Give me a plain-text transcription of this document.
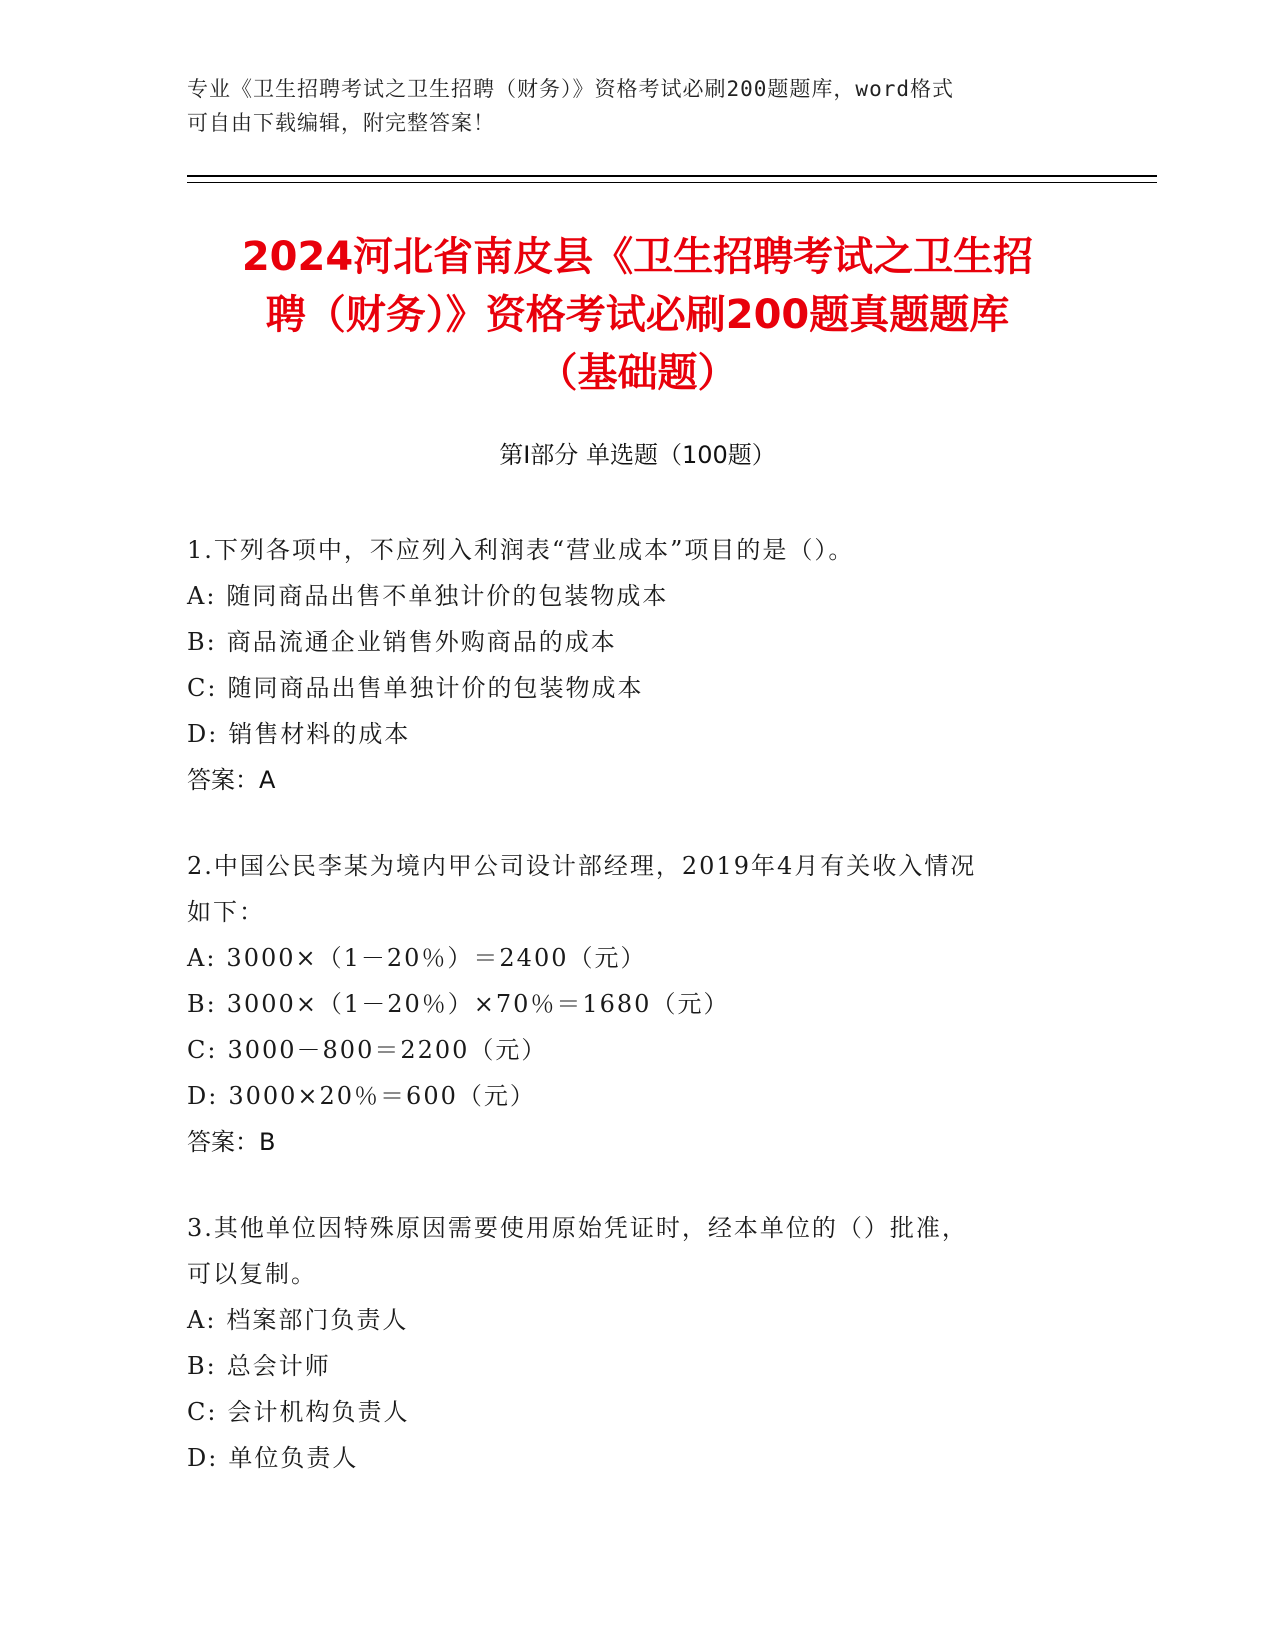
专业《卫生招聘考试之卫生招聘（财务）》资格考试必刷200题题库，word格式
可自由下载编辑，附完整答案！
2024河北省南皮县《卫生招聘考试之卫生招
聘（财务）》资格考试必刷200题真题题库
（基础题）
第Ⅰ部分 单选题（100题）
1.下列各项中，不应列入利润表“营业成本”项目的是（）。
A: 随同商品出售不单独计价的包装物成本
B: 商品流通企业销售外购商品的成本
C: 随同商品出售单独计价的包装物成本
D: 销售材料的成本
答案：A
2.中国公民李某为境内甲公司设计部经理，2019年4月有关收入情况
如下：
A: 3000×（1－20％）＝2400（元）
B: 3000×（1－20％）×70％＝1680（元）
C: 3000－800＝2200（元）
D: 3000×20％＝600（元）
答案：B
3.其他单位因特殊原因需要使用原始凭证时，经本单位的（）批准，
可以复制。
A: 档案部门负责人
B: 总会计师
C: 会计机构负责人
D: 单位负责人
